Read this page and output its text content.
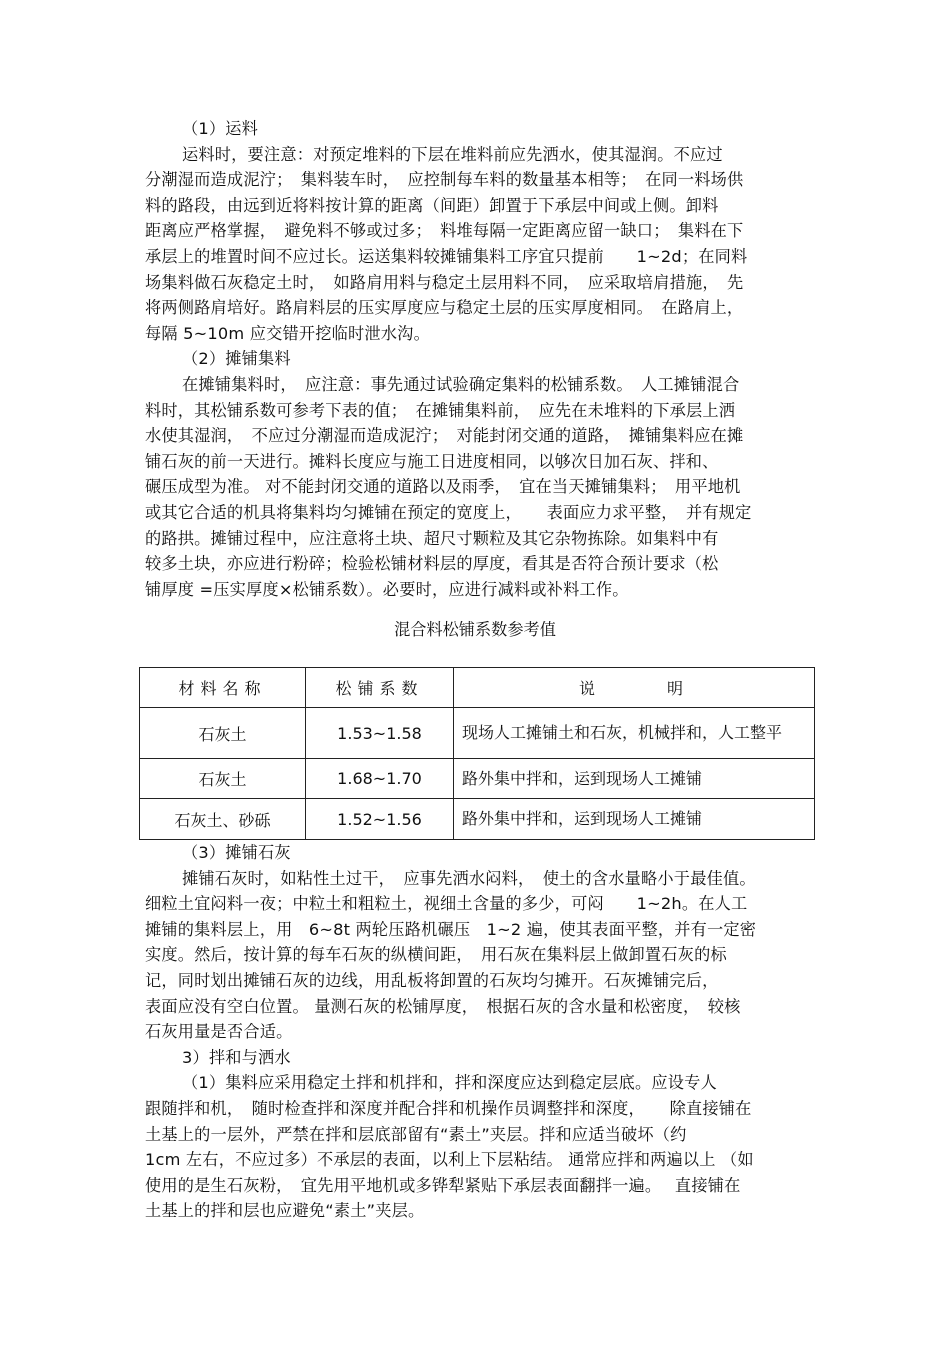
（1）运料
运料时，要注意：对预定堆料的下层在堆料前应先洒水，使其湿润。不应过
分潮湿而造成泥泞；　集料装车时，　应控制每车料的数量基本相等；　在同一料场供
料的路段，由远到近将料按计算的距离（间距）卸置于下承层中间或上侧。卸料
距离应严格掌握，　避免料不够或过多；　料堆每隔一定距离应留一缺口；　集料在下
承层上的堆置时间不应过长。运送集料较摊铺集料工序宜只提前　　1~2d；在同料
场集料做石灰稳定土时，　如路肩用料与稳定土层用料不同，　应采取培肩措施，　先
将两侧路肩培好。路肩料层的压实厚度应与稳定土层的压实厚度相同。　在路肩上，
每隔 5~10m 应交错开挖临时泄水沟。
（2）摊铺集料
在摊铺集料时，　应注意：事先通过试验确定集料的松铺系数。　人工摊铺混合
料时，其松铺系数可参考下表的值；　在摊铺集料前，　应先在未堆料的下承层上洒
水使其湿润，　不应过分潮湿而造成泥泞；　对能封闭交通的道路，　摊铺集料应在摊
铺石灰的前一天进行。摊料长度应与施工日进度相同，以够次日加石灰、拌和、
碾压成型为准。 对不能封闭交通的道路以及雨季，　宜在当天摊铺集料；　用平地机
或其它合适的机具将集料均匀摊铺在预定的宽度上，　　表面应力求平整，　并有规定
的路拱。摊铺过程中，应注意将土块、超尺寸颗粒及其它杂物拣除。如集料中有
较多土块，亦应进行粉碎；检验松铺材料层的厚度，看其是否符合预计要求（松
铺厚度 =压实厚度×松铺系数）。必要时，应进行减料或补料工作。
混合料松铺系数参考值
材料名称	松铺系数	说　　　明
石灰土	1.53~1.58	现场人工摊铺土和石灰，机械拌和，人工整平
石灰土	1.68~1.70	路外集中拌和，运到现场人工摊铺
石灰土、砂砾	1.52~1.56	路外集中拌和，运到现场人工摊铺
（3）摊铺石灰
摊铺石灰时，如粘性土过干，　应事先洒水闷料，　使土的含水量略小于最佳值。
细粒土宜闷料一夜；中粒土和粗粒土，视细土含量的多少，可闷　　1~2h。在人工
摊铺的集料层上，用　6~8t 两轮压路机碾压　1~2 遍，使其表面平整，并有一定密
实度。然后，按计算的每车石灰的纵横间距，　用石灰在集料层上做卸置石灰的标
记，同时划出摊铺石灰的边线，用乱板将卸置的石灰均匀摊开。石灰摊铺完后，
表面应没有空白位置。 量测石灰的松铺厚度，　根据石灰的含水量和松密度，　较核
石灰用量是否合适。
3）拌和与洒水
（1）集料应采用稳定土拌和机拌和，拌和深度应达到稳定层底。应设专人
跟随拌和机，　随时检查拌和深度并配合拌和机操作员调整拌和深度，　　除直接铺在
土基上的一层外，严禁在拌和层底部留有“素土”夹层。拌和应适当破坏（约
1cm 左右，不应过多）不承层的表面，以利上下层粘结。 通常应拌和两遍以上 （如
使用的是生石灰粉，　宜先用平地机或多铧犁紧贴下承层表面翻拌一遍。　 直接铺在
土基上的拌和层也应避免“素土”夹层。
